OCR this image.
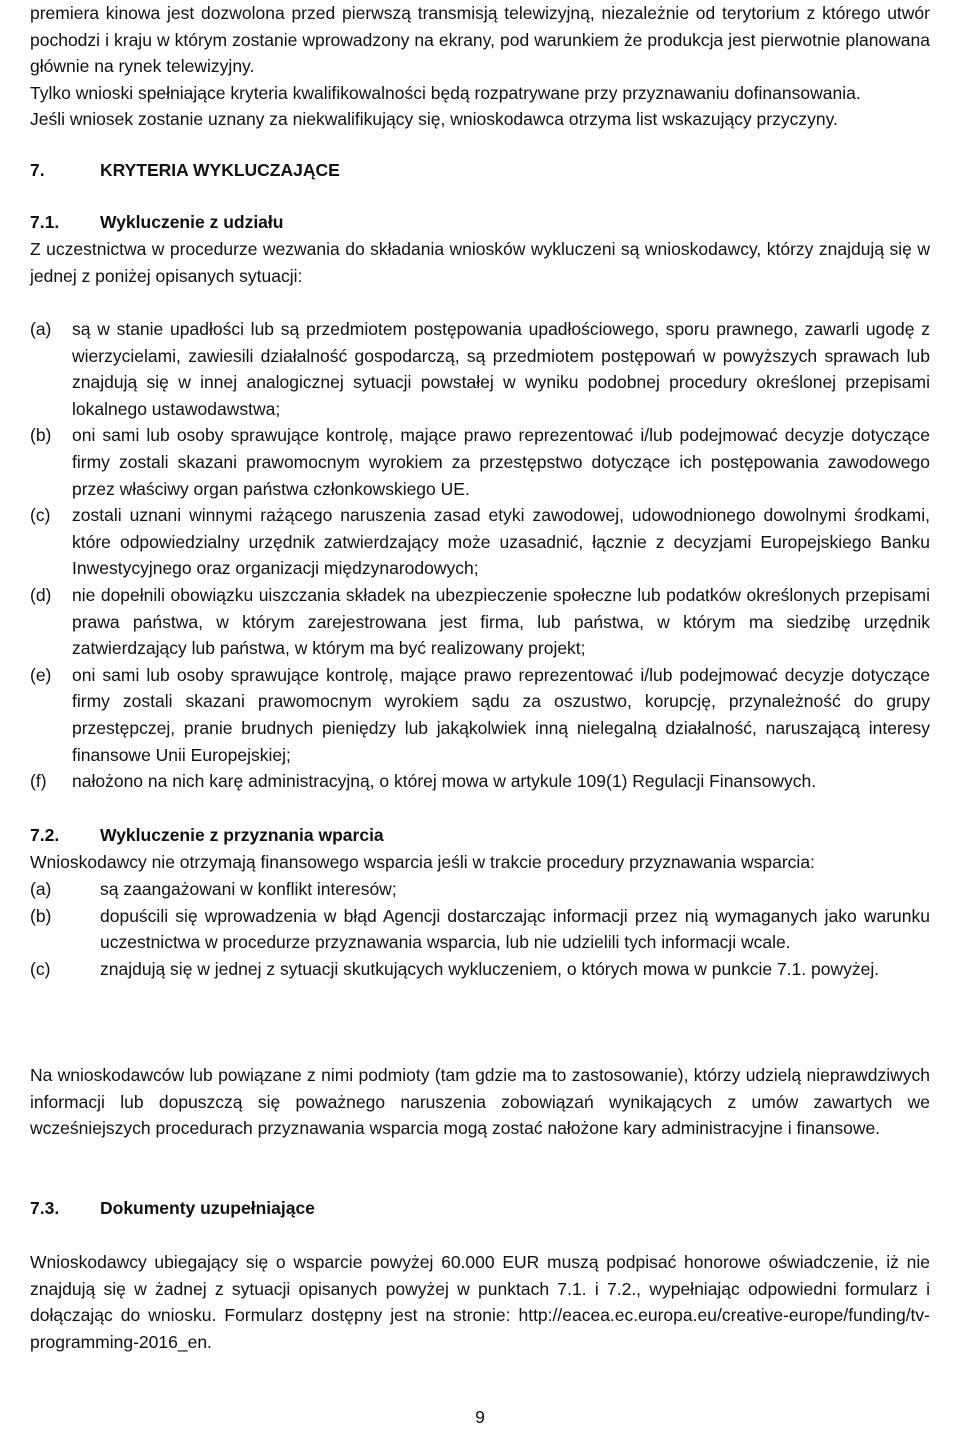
premiera kinowa jest dozwolona przed pierwszą transmisją telewizyjną, niezależnie od terytorium z którego utwór pochodzi i kraju w którym zostanie wprowadzony na ekrany, pod warunkiem że produkcja jest pierwotnie planowana głównie na rynek telewizyjny.

Tylko wnioski spełniające kryteria kwalifikowalności będą rozpatrywane przy przyznawaniu dofinansowania.

Jeśli wniosek zostanie uznany za niekwalifikujący się, wnioskodawca otrzyma list wskazujący przyczyny.

7.	KRYTERIA WYKLUCZAJĄCE
7.1. Wykluczenie z udziału
Z uczestnictwa w procedurze wezwania do składania wniosków wykluczeni są wnioskodawcy, którzy znajdują się w jednej z poniżej opisanych sytuacji:
(a) są w stanie upadłości lub są przedmiotem postępowania upadłościowego, sporu prawnego, zawarli ugodę z wierzycielami, zawiesili działalność gospodarczą, są przedmiotem postępowań w powyższych sprawach lub znajdują się w innej analogicznej sytuacji powstałej w wyniku podobnej procedury określonej przepisami lokalnego ustawodawstwa;
(b) oni sami lub osoby sprawujące kontrolę, mające prawo reprezentować i/lub podejmować decyzje dotyczące firmy zostali skazani prawomocnym wyrokiem za przestępstwo dotyczące ich postępowania zawodowego przez właściwy organ państwa członkowskiego UE.
(c) zostali uznani winnymi rażącego naruszenia zasad etyki zawodowej, udowodnionego dowolnymi środkami, które odpowiedzialny urzędnik zatwierdzający może uzasadnić, łącznie z decyzjami Europejskiego Banku Inwestycyjnego oraz organizacji międzynarodowych;
(d) nie dopełnili obowiązku uiszczania składek na ubezpieczenie społeczne lub podatków określonych przepisami prawa państwa, w którym zarejestrowana jest firma, lub państwa, w którym ma siedzibę urzędnik zatwierdzający lub państwa, w którym ma być realizowany projekt;
(e) oni sami lub osoby sprawujące kontrolę, mające prawo reprezentować i/lub podejmować decyzje dotyczące firmy zostali skazani prawomocnym wyrokiem sądu za oszustwo, korupcję, przynależność do grupy przestępczej, pranie brudnych pieniędzy lub jakąkolwiek inną nielegalną działalność, naruszającą interesy finansowe Unii Europejskiej;
(f) nałożono na nich karę administracyjną, o której mowa w artykule 109(1) Regulacji Finansowych.
7.2. Wykluczenie z przyznania wparcia
Wnioskodawcy nie otrzymają finansowego wsparcia jeśli w trakcie procedury przyznawania wsparcia:
(a)	są zaangażowani w konflikt interesów;
(b)	dopuścili się wprowadzenia w błąd Agencji dostarczając informacji przez nią wymaganych jako warunku uczestnictwa w procedurze przyznawania wsparcia, lub nie udzielili tych informacji wcale.
(c)	znajdują się w jednej z sytuacji skutkujących wykluczeniem, o których mowa w punkcie 7.1. powyżej.
Na wnioskodawców lub powiązane z nimi podmioty (tam gdzie ma to zastosowanie), którzy udzielą nieprawdziwych informacji lub dopuszczą się poważnego naruszenia zobowiązań wynikających z umów zawartych we wcześniejszych procedurach przyznawania wsparcia mogą zostać nałożone kary administracyjne i finansowe.
7.3. Dokumenty uzupełniające
Wnioskodawcy ubiegający się o wsparcie powyżej 60.000 EUR muszą podpisać honorowe oświadczenie, iż nie znajdują się w żadnej z sytuacji opisanych powyżej w punktach 7.1. i 7.2., wypełniając odpowiedni formularz i dołączając do wniosku. Formularz dostępny jest na stronie: http://eacea.ec.europa.eu/creative-europe/funding/tv-programming-2016_en.
9
